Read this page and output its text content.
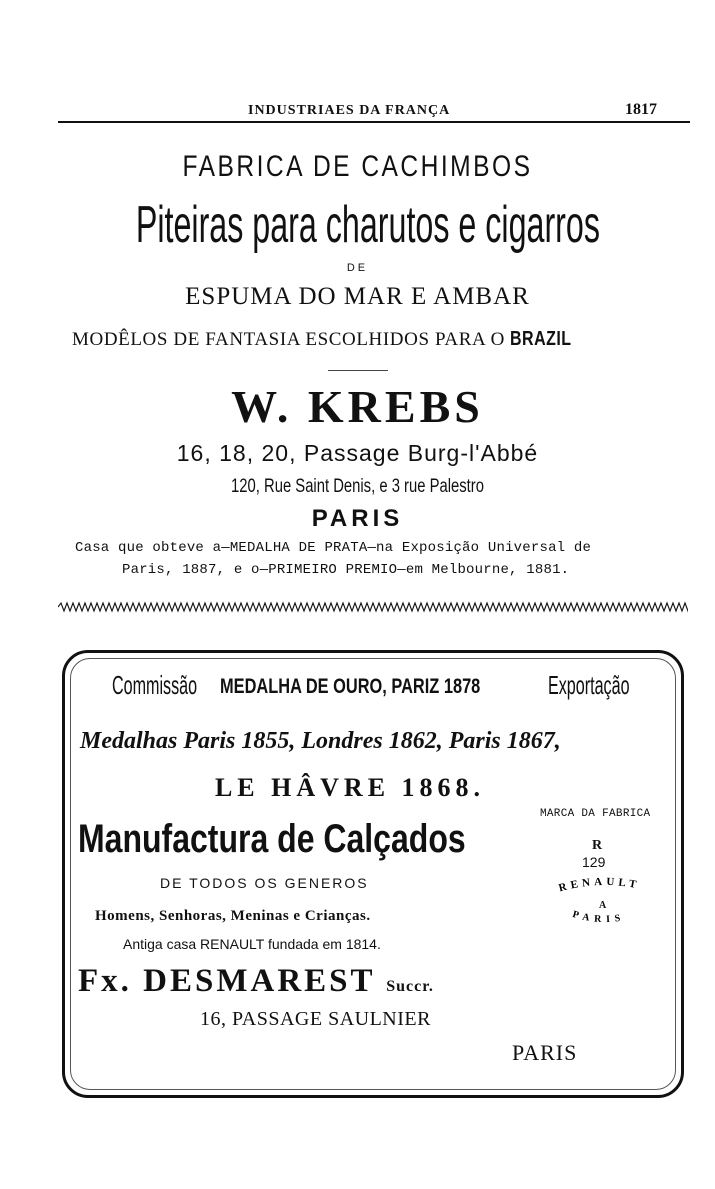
INDUSTRIAES DA FRANÇA	1817
FABRICA DE CACHIMBOS
Piteiras para charutos e cigarros
DE
ESPUMA DO MAR E AMBAR
MODÊLOS DE FANTASIA ESCOLHIDOS PARA O BRAZIL
W. KREBS
16, 18, 20, Passage Burg-l'Abbé
120, Rue Saint Denis, e 3 rue Palestro
PARIS
Casa que obteve a—MEDALHA DE PRATA—na Exposição Universal de
Paris, 1887, e o—PRIMEIRO PREMIO—em Melbourne, 1881.
Commissão MEDALHA DE OURO, PARIZ 1878	Exportação
Medalhas Paris 1855, Londres 1862, Paris 1867,
LE HÂVRE 1868.
MARCA DA FABRICA
Manufactura de Calçados	R
129
RENAULT
PARIS
A
DE TODOS OS GENEROS
Homens, Senhoras, Meninas e Crianças.
Antiga casa RENAULT fundada em 1814.
Fx. DESMAREST Succr.
16, PASSAGE SAULNIER
PARIS
